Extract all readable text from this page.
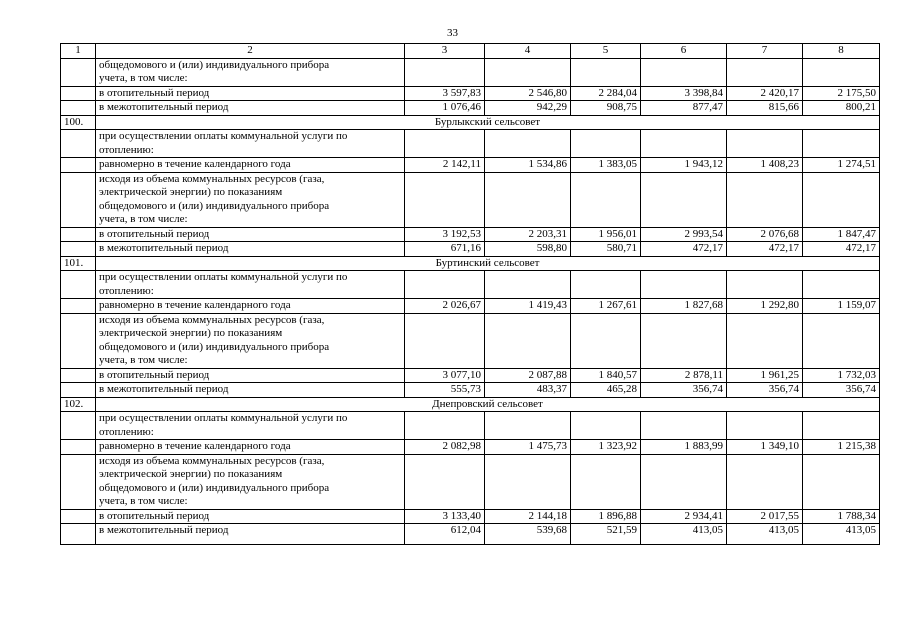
33
1	2	3	4	5	6	7	8
	общедомового и (или) индивидуального прибора
учета, в том числе:						
	в отопительный период	3 597,83	2 546,80	2 284,04	3 398,84	2 420,17	2 175,50
	в межотопительный период	1 076,46	942,29	908,75	877,47	815,66	800,21
100.	Бурлыкский сельсовет						
	при осуществлении оплаты коммунальной услуги по
отоплению:						
	равномерно в течение календарного года	2 142,11	1 534,86	1 383,05	1 943,12	1 408,23	1 274,51
	исходя из объема коммунальных ресурсов (газа,
электрической энергии) по показаниям
общедомового и (или) индивидуального прибора
учета, в том числе:						
	в отопительный период	3 192,53	2 203,31	1 956,01	2 993,54	2 076,68	1 847,47
	в межотопительный период	671,16	598,80	580,71	472,17	472,17	472,17
101.	Буртинский сельсовет						
	при осуществлении оплаты коммунальной услуги по
отоплению:						
	равномерно в течение календарного года	2 026,67	1 419,43	1 267,61	1 827,68	1 292,80	1 159,07
	исходя из объема коммунальных ресурсов (газа,
электрической энергии) по показаниям
общедомового и (или) индивидуального прибора
учета, в том числе:						
	в отопительный период	3 077,10	2 087,88	1 840,57	2 878,11	1 961,25	1 732,03
	в межотопительный период	555,73	483,37	465,28	356,74	356,74	356,74
102.	Днепровский сельсовет						
	при осуществлении оплаты коммунальной услуги по
отоплению:						
	равномерно в течение календарного года	2 082,98	1 475,73	1 323,92	1 883,99	1 349,10	1 215,38
	исходя из объема коммунальных ресурсов (газа,
электрической энергии) по показаниям
общедомового и (или) индивидуального прибора
учета, в том числе:						
	в отопительный период	3 133,40	2 144,18	1 896,88	2 934,41	2 017,55	1 788,34
	в межотопительный период	612,04	539,68	521,59	413,05	413,05	413,05
